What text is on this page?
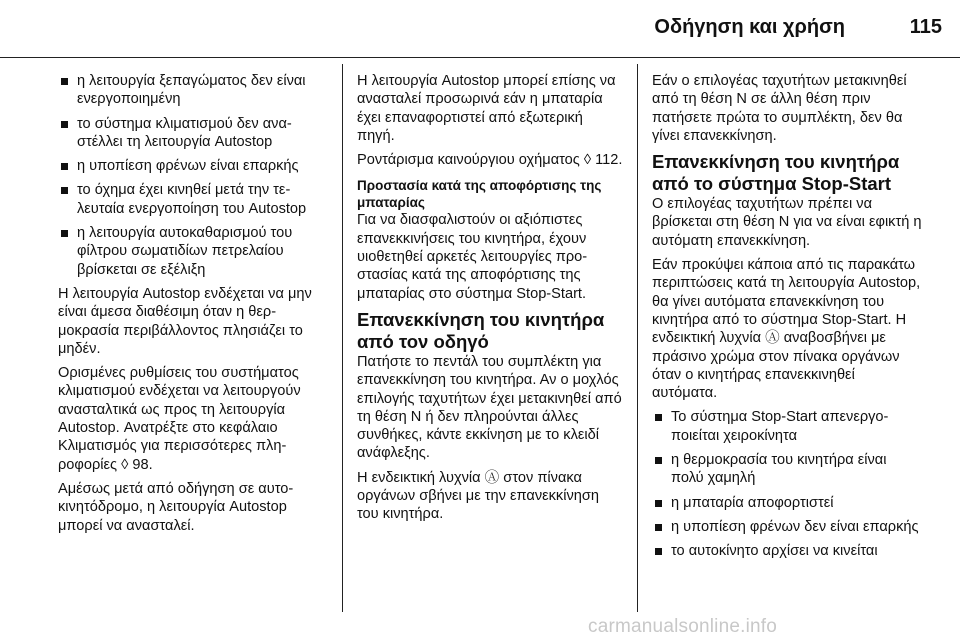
Οδήγηση και χρήση	115
η λειτουργία ξεπαγώματος δεν είναι ενεργοποιημένη
το σύστημα κλιματισμού δεν αναστέλλει τη λειτουργία Autostop
η υποπίεση φρένων είναι επαρκής
το όχημα έχει κινηθεί μετά την τελευταία ενεργοποίηση του Autostop
η λειτουργία αυτοκαθαρισμού του φίλτρου σωματιδίων πετρελαίου βρίσκεται σε εξέλιξη
Η λειτουργία Autostop ενδέχεται να μην είναι άμεσα διαθέσιμη όταν η θερμοκρασία περιβάλλοντος πλησιάζει το μηδέν.
Ορισμένες ρυθμίσεις του συστήματος κλιματισμού ενδέχεται να λειτουργούν ανασταλτικά ως προς τη λειτουργία Autostop. Ανατρέξτε στο κεφάλαιο Κλιματισμός για περισσότερες πληροφορίες ◊ 98.
Αμέσως μετά από οδήγηση σε αυτοκινητόδρομο, η λειτουργία Autostop μπορεί να ανασταλεί.
Η λειτουργία Autostop μπορεί επίσης να ανασταλεί προσωρινά εάν η μπαταρία έχει επαναφορτιστεί από εξωτερική πηγή.
Ροντάρισμα καινούργιου οχήματος ◊ 112.
Προστασία κατά της αποφόρτισης της μπαταρίας
Για να διασφαλιστούν οι αξιόπιστες επανεκκινήσεις του κινητήρα, έχουν υιοθετηθεί αρκετές λειτουργίες προστασίας κατά της αποφόρτισης της μπαταρίας στο σύστημα Stop-Start.
Επανεκκίνηση του κινητήρα από τον οδηγό
Πατήστε το πεντάλ του συμπλέκτη για επανεκκίνηση του κινητήρα. Αν ο μοχλός επιλογής ταχυτήτων έχει μετακινηθεί από τη θέση N ή δεν πληρούνται άλλες συνθήκες, κάντε εκκίνηση με το κλειδί ανάφλεξης.
Η ενδεικτική λυχνία Ⓐ στον πίνακα οργάνων σβήνει με την επανεκκίνηση του κινητήρα.
Εάν ο επιλογέας ταχυτήτων μετακινηθεί από τη θέση N σε άλλη θέση πριν πατήσετε πρώτα το συμπλέκτη, δεν θα γίνει επανεκκίνηση.
Επανεκκίνηση του κινητήρα από το σύστημα Stop-Start
Ο επιλογέας ταχυτήτων πρέπει να βρίσκεται στη θέση N για να είναι εφικτή η αυτόματη επανεκκίνηση.
Εάν προκύψει κάποια από τις παρακάτω περιπτώσεις κατά τη λειτουργία Autostop, θα γίνει αυτόματα επανεκκίνηση του κινητήρα από το σύστημα Stop-Start. Η ενδεικτική λυχνία Ⓐ αναβοσβήνει με πράσινο χρώμα στον πίνακα οργάνων όταν ο κινητήρας επανεκκινηθεί αυτόματα.
Το σύστημα Stop-Start απενεργοποιείται χειροκίνητα
η θερμοκρασία του κινητήρα είναι πολύ χαμηλή
η μπαταρία αποφορτιστεί
η υποπίεση φρένων δεν είναι επαρκής
το αυτοκίνητο αρχίσει να κινείται
carmanualsonline.info
